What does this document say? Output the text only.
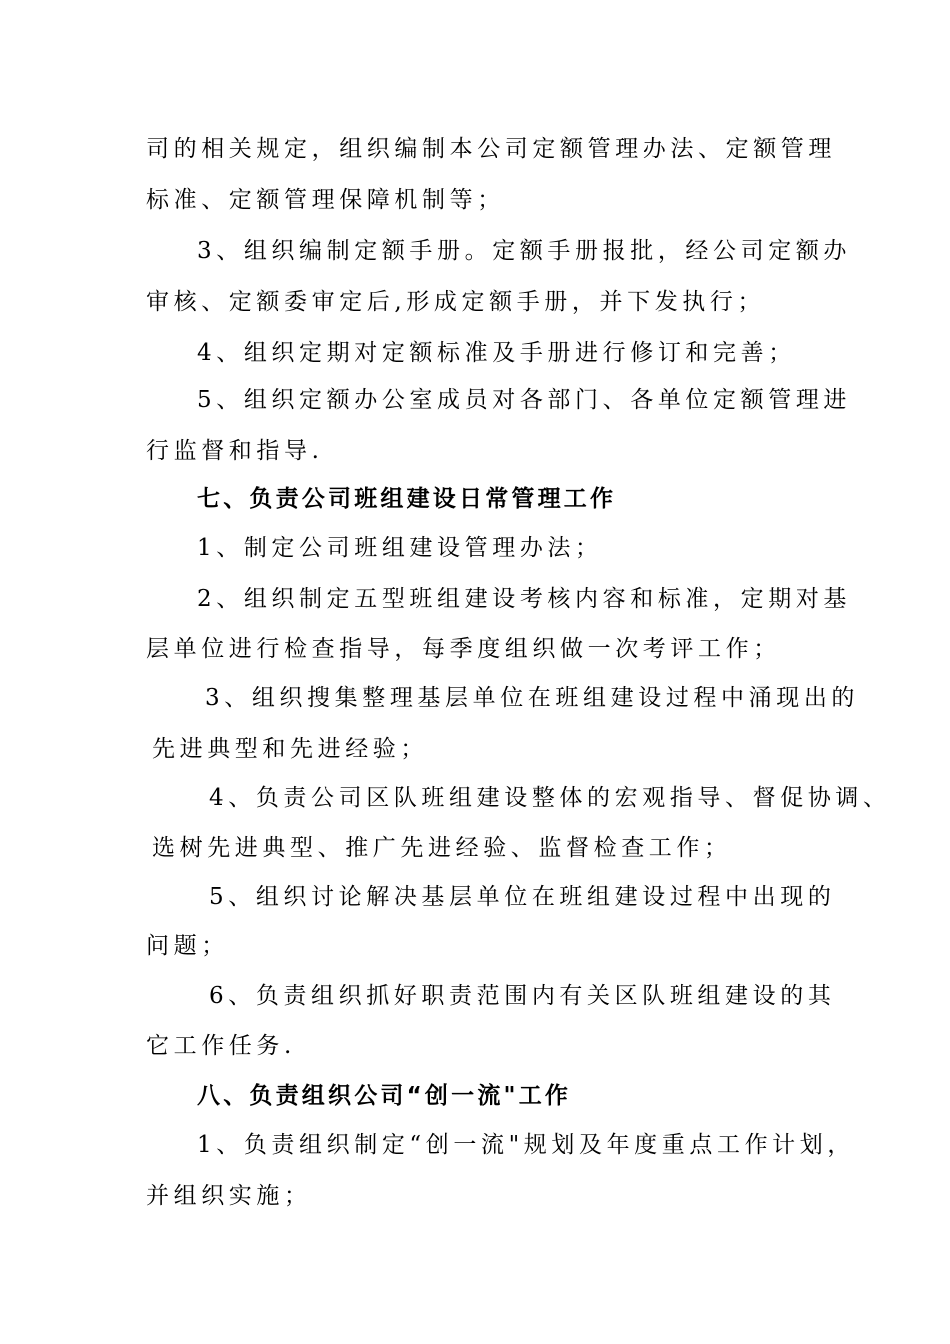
司的相关规定，组织编制本公司定额管理办法、定额管理
标准、定额管理保障机制等；
3、组织编制定额手册。定额手册报批，经公司定额办
审核、定额委审定后,形成定额手册，并下发执行；
4、组织定期对定额标准及手册进行修订和完善；
5、组织定额办公室成员对各部门、各单位定额管理进
行监督和指导.
七、负责公司班组建设日常管理工作
1、制定公司班组建设管理办法；
2、组织制定五型班组建设考核内容和标准，定期对基
层单位进行检查指导，每季度组织做一次考评工作；
3、组织搜集整理基层单位在班组建设过程中涌现出的
先进典型和先进经验；
4、负责公司区队班组建设整体的宏观指导、督促协调、
选树先进典型、推广先进经验、监督检查工作；
5、组织讨论解决基层单位在班组建设过程中出现的
问题；
6、负责组织抓好职责范围内有关区队班组建设的其
它工作任务.
八、负责组织公司“创一流"工作
1、负责组织制定“创一流"规划及年度重点工作计划，
并组织实施；
